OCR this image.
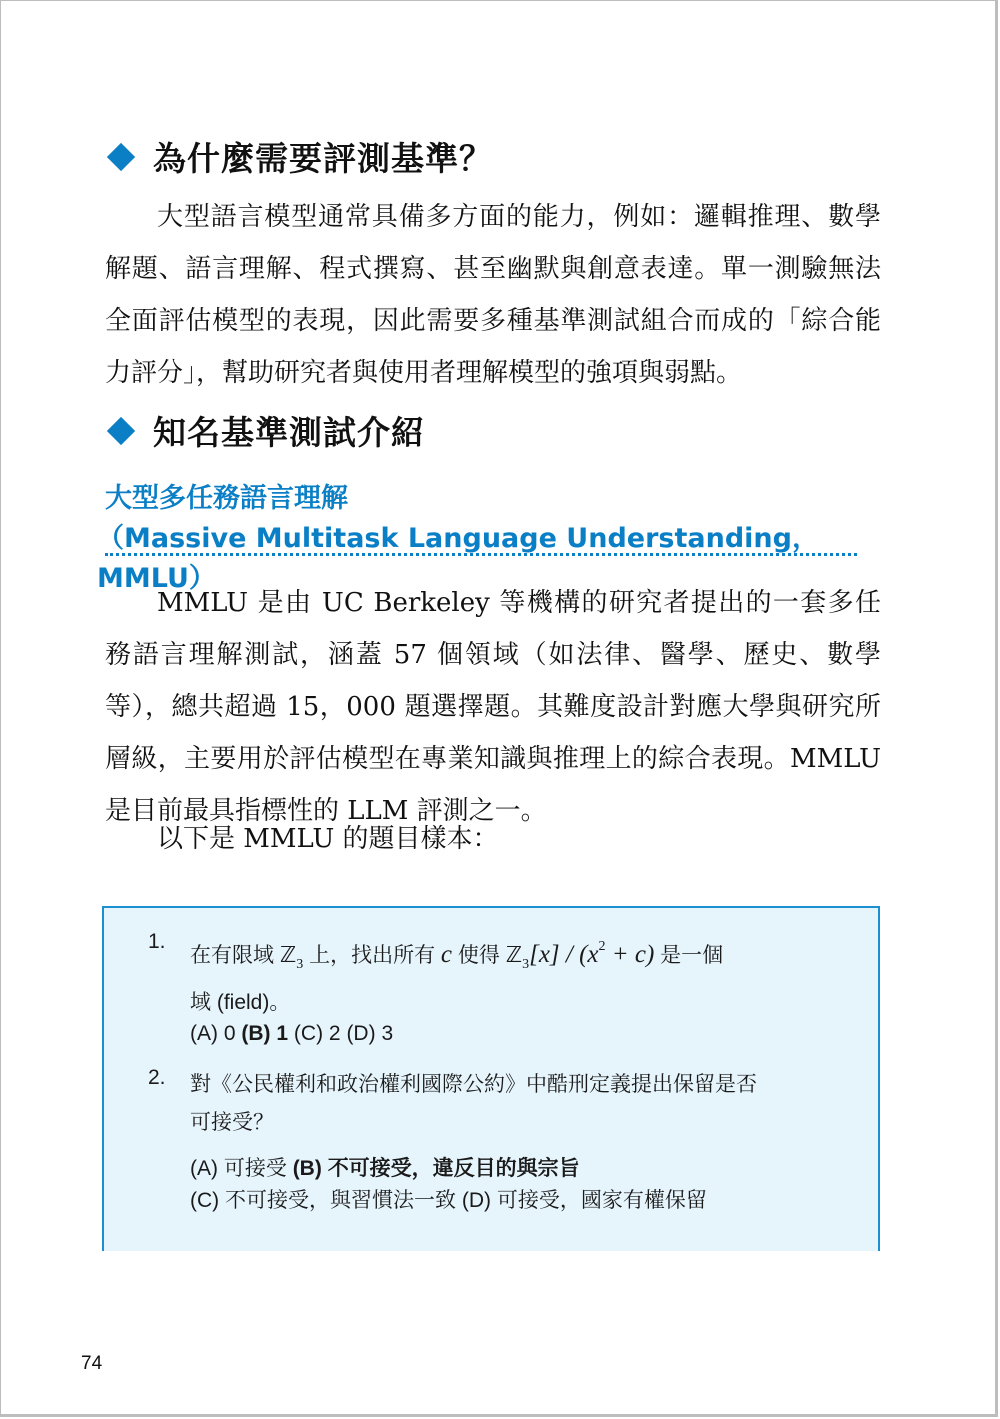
為什麼需要評測基準？
大型語言模型通常具備多方面的能力，例如：邏輯推理、數學解題、語言理解、程式撰寫、甚至幽默與創意表達。單一測驗無法全面評估模型的表現，因此需要多種基準測試組合而成的「綜合能力評分」，幫助研究者與使用者理解模型的強項與弱點。
知名基準測試介紹
大型多任務語言理解
（Massive Multitask Language Understanding，MMLU）
MMLU 是由 UC Berkeley 等機構的研究者提出的一套多任務語言理解測試，涵蓋 57 個領域（如法律、醫學、歷史、數學等），總共超過 15，000 題選擇題。其難度設計對應大學與研究所層級，主要用於評估模型在專業知識與推理上的綜合表現。MMLU 是目前最具指標性的 LLM 評測之一。
以下是 MMLU 的題目樣本：
1.
在有限域 ℤ$_3$ 上，找出所有 c 使得 ℤ$_3$[x] / $(x^2 + c)$ 是一個
域 (field)。
(A) 0 (B) 1 (C) 2 (D) 3
2. 對《公民權利和政治權利國際公約》中酷刑定義提出保留是否
可接受？
(A) 可接受 (B) 不可接受，違反目的與宗旨
(C) 不可接受，與習慣法一致 (D) 可接受，國家有權保留
74
